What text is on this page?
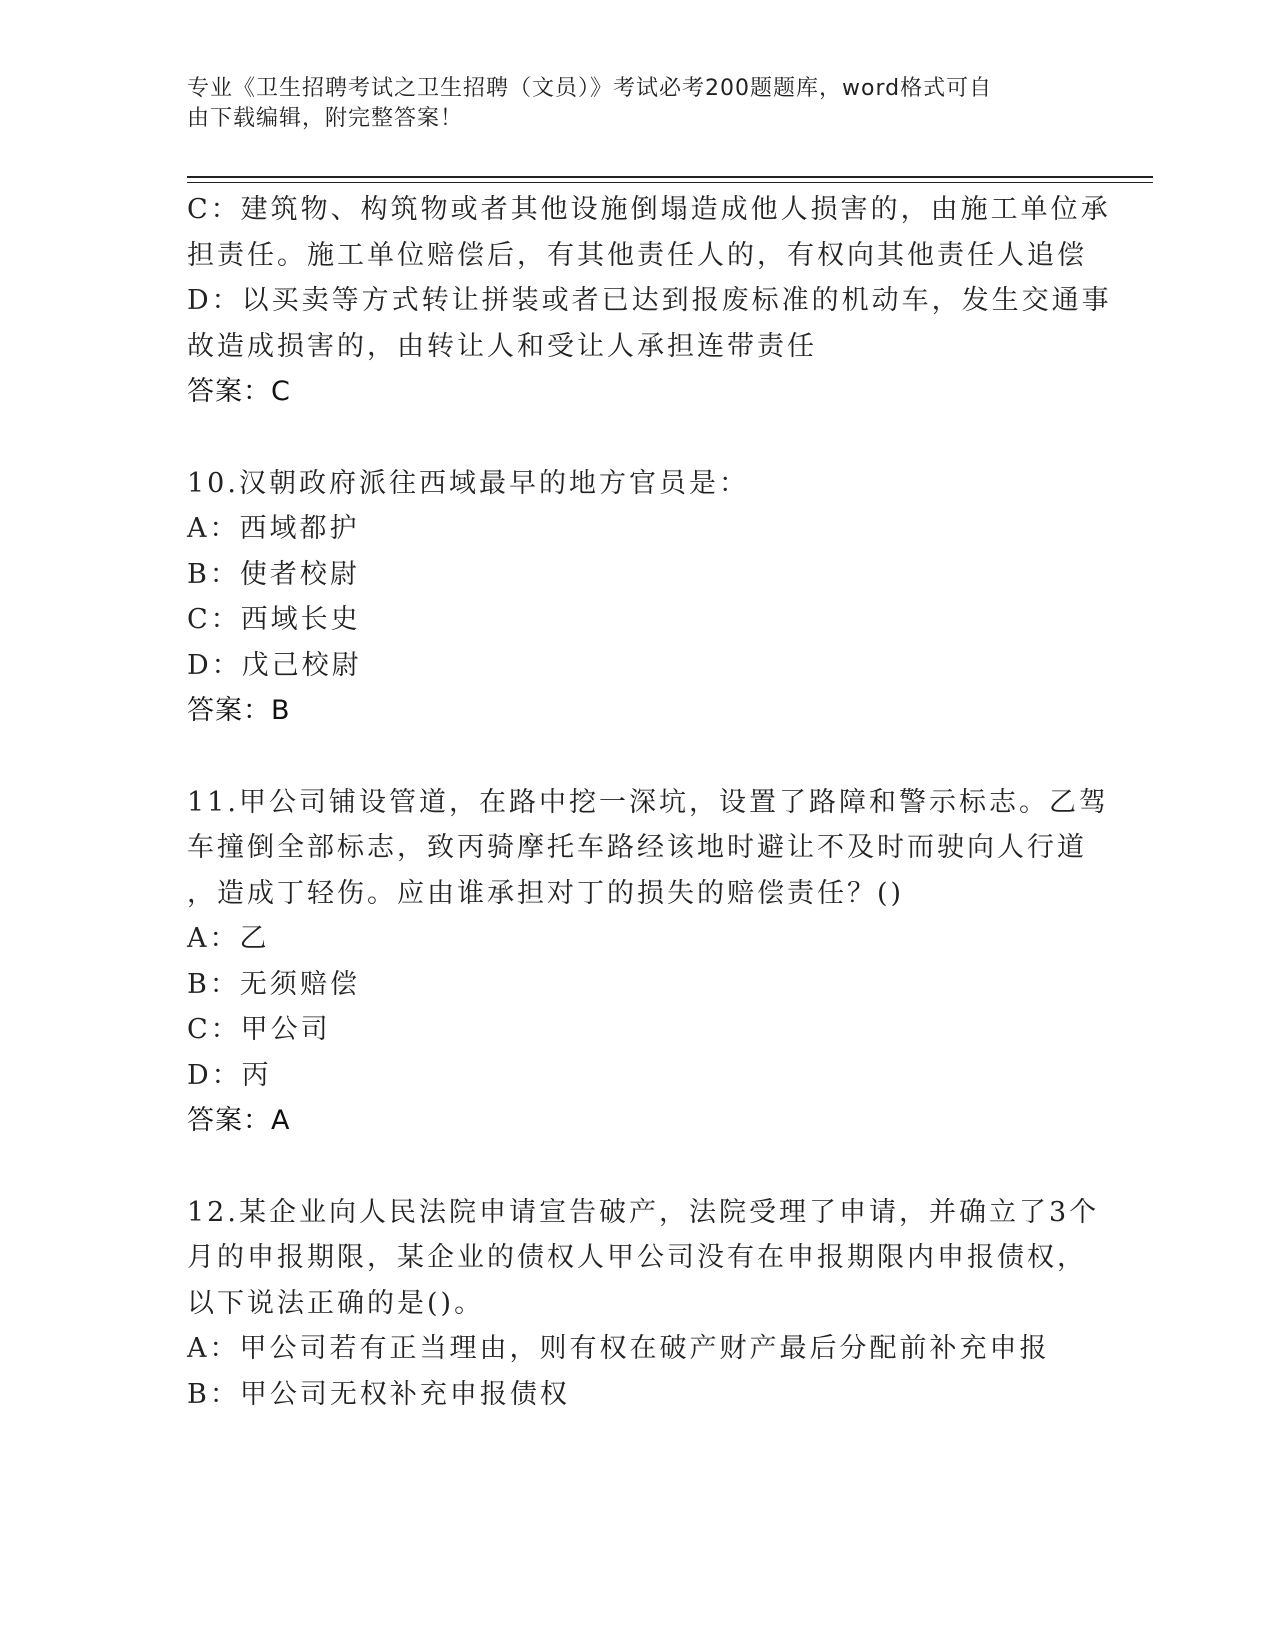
专业《卫生招聘考试之卫生招聘（文员）》考试必考200题题库，word格式可自
由下载编辑，附完整答案！
C：建筑物、构筑物或者其他设施倒塌造成他人损害的，由施工单位承
担责任。施工单位赔偿后，有其他责任人的，有权向其他责任人追偿
D：以买卖等方式转让拼装或者已达到报废标准的机动车，发生交通事
故造成损害的，由转让人和受让人承担连带责任
答案：C
10.汉朝政府派往西域最早的地方官员是：
A：西域都护
B：使者校尉
C：西域长史
D：戊己校尉
答案：B
11.甲公司铺设管道，在路中挖一深坑，设置了路障和警示标志。乙驾
车撞倒全部标志，致丙骑摩托车路经该地时避让不及时而驶向人行道
，造成丁轻伤。应由谁承担对丁的损失的赔偿责任？()
A：乙
B：无须赔偿
C：甲公司
D：丙
答案：A
12.某企业向人民法院申请宣告破产，法院受理了申请，并确立了3个
月的申报期限，某企业的债权人甲公司没有在申报期限内申报债权，
以下说法正确的是()。
A：甲公司若有正当理由，则有权在破产财产最后分配前补充申报
B：甲公司无权补充申报债权
